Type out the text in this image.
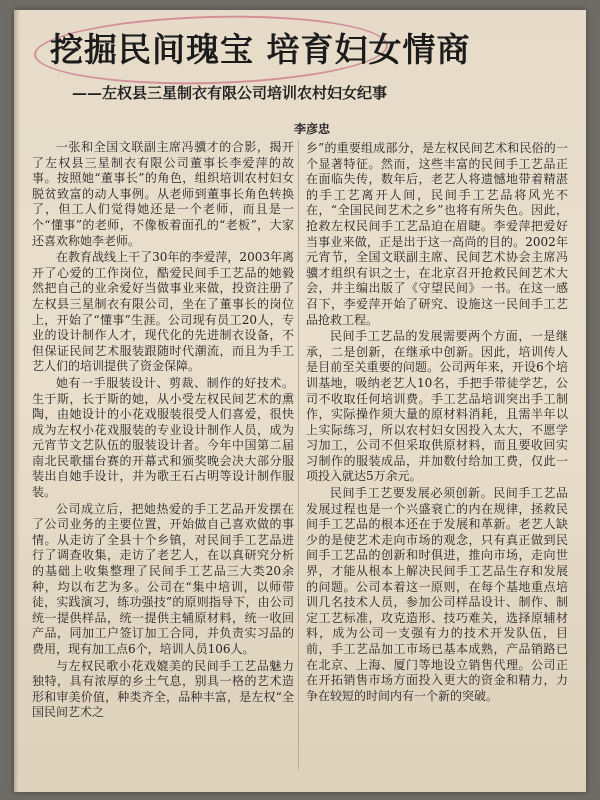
挖掘民间瑰宝 培育妇女情商
——左权县三星制衣有限公司培训农村妇女纪事
李彦忠

一张和全国文联副主席冯骥才的合影，揭开了左权县三星制衣有限公司董事长李爱萍的故事。按照她“董事长”的角色，组织培训农村妇女脱贫致富的动人事例。从老师到董事长角色转换了，但工人们觉得她还是一个老师，而且是一个“懂事”的老师，不像板着面孔的“老板”，大家还喜欢称她李老师。

在教育战线上干了30年的李爱萍，2003年离开了心爱的工作岗位，酷爱民间手工艺品的她毅然把自己的业余爱好当做事业来做，投资注册了左权县三星制衣有限公司，坐在了董事长的岗位上，开始了“懂事”生涯。公司现有员工20人，专业的设计制作人才，现代化的先进制衣设备，不但保证民间艺术服装跟随时代潮流，而且为手工艺人们的培训提供了资金保障。

她有一手服装设计、剪裁、制作的好技术。生于斯，长于斯的她，从小受左权民间艺术的熏陶，由她设计的小花戏服装很受人们喜爱，很快成为左权小花戏服装的专业设计制作人员，成为元宵节文艺队伍的服装设计者。今年中国第二届南北民歌擂台赛的开幕式和颁奖晚会决大部分服装出自她手设计，并为歌王石占明等设计制作服装。

公司成立后，把她热爱的手工艺品开发摆在了公司业务的主要位置，开始做自己喜欢做的事情。从走访了全县十个乡镇，对民间手工艺品进行了调查收集，走访了老艺人，在以真研究分析的基础上收集整理了民间手工艺品三大类20余种，均以布艺为多。公司在“集中培训，以师带徒，实践演习，练功强技”的原则指导下，由公司统一提供样品，统一提供主辅原材料，统一收回产品，同加工户签订加工合同，并负责实习品的费用，现有加工点6个，培训人员106人。

与左权民歌小花戏媲美的民间手工艺品魅力独特，具有浓厚的乡土气息，别具一格的艺术造形和审美价值，种类齐全，品种丰富，是左权“全国民间艺术之

乡”的重要组成部分，是左权民间艺术和民俗的一个显著特征。然而，这些丰富的民间手工艺品正在面临失传，数年后，老艺人将遗憾地带着精湛的手工艺离开人间，民间手工艺品将风光不在，“全国民间艺术之乡”也将有所失色。因此，抢救左权民间手工艺品迫在眉睫。李爱萍把爱好当事业来做，正是出于这一高尚的目的。2002年元宵节，全国文联副主席、民间艺术协会主席冯骥才组织有识之士，在北京召开抢救民间艺术大会，并主编出版了《守望民间》一书。在这一感召下，李爱萍开始了研究、设施这一民间手工艺品抢救工程。

民间手工艺品的发展需要两个方面，一是继承，二是创新，在继承中创新。因此，培训传人是目前至关重要的问题。公司两年来，开设6个培训基地，吸纳老艺人10名，手把手带徒学艺，公司不收取任何培训费。手工艺品培训突出手工制作，实际操作须大量的原材料消耗，且需半年以上实际练习，所以农村妇女因投入太大，不愿学习加工，公司不但采取供原材料，而且要收回实习制作的服装成品，并加数付给加工费，仅此一项投入就达5万余元。

民间手工艺要发展必须创新。民间手工艺品发展过程也是一个兴盛衰亡的内在规律，拯救民间手工艺品的根本还在于发展和革新。老艺人缺少的是使艺术走向市场的观念，只有真正做到民间手工艺品的创新和时俱进，推向市场，走向世界，才能从根本上解决民间手工艺品生存和发展的问题。公司本着这一原则，在每个基地重点培训几名技术人员，参加公司样品设计、制作、制定工艺标准，攻克造形、技巧难关，选择原辅材料，成为公司一支强有力的技术开发队伍，目前，手工艺品加工市场已基本成熟，产品销路已在北京、上海、厦门等地设立销售代理。公司正在开拓销售市场方面投入更大的资金和精力，力争在较短的时间内有一个新的突破。
